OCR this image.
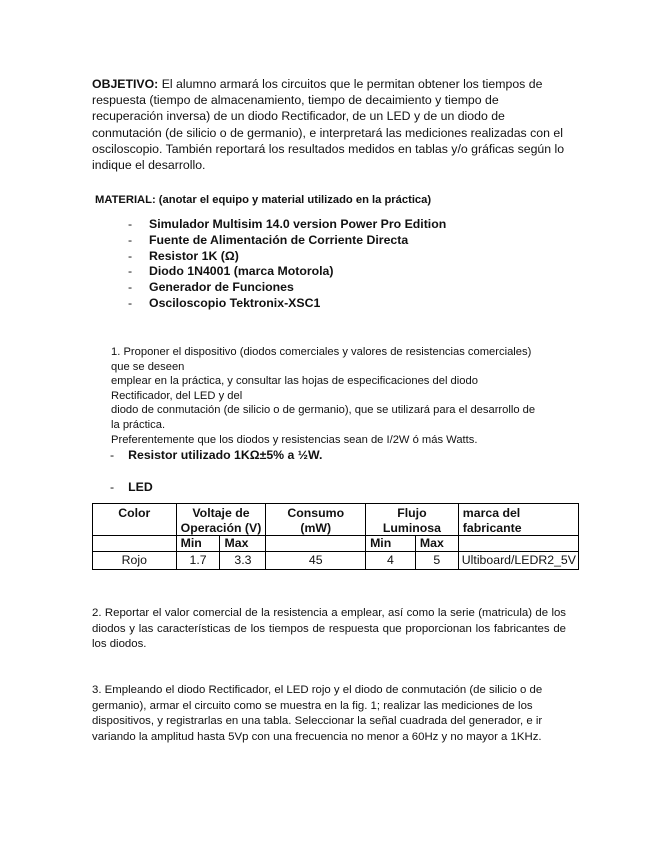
OBJETIVO: El alumno armará los circuitos que le permitan obtener los tiempos de respuesta (tiempo de almacenamiento, tiempo de decaimiento y tiempo de recuperación inversa) de un diodo Rectificador, de un LED y de un diodo de conmutación (de silicio o de germanio), e interpretará las mediciones realizadas con el osciloscopio. También reportará los resultados medidos en tablas y/o gráficas según lo indique el desarrollo.
MATERIAL: (anotar el equipo y material utilizado en la práctica)
- Simulador Multisim 14.0 version Power Pro Edition
- Fuente de Alimentación de Corriente Directa
- Resistor 1K (Ω)
- Diodo 1N4001 (marca Motorola)
- Generador de Funciones
- Osciloscopio Tektronix-XSC1
1. Proponer el dispositivo (diodos comerciales y valores de resistencias comerciales)
que se deseen
emplear en la práctica, y consultar las hojas de especificaciones del diodo
Rectificador, del LED y del
diodo de conmutación (de silicio o de germanio), que se utilizará para el desarrollo de
la práctica.
Preferentemente que los diodos y resistencias sean de I/2W ó más Watts.
- Resistor utilizado 1KΩ±5% a ½W.
- LED
Color	Voltaje de Operación (V)		Consumo (mW)	Flujo Luminosa		marca del fabricante
	Min	Max		Min	Max	
Rojo	1.7	3.3	45	4	5	Ultiboard/LEDR2_5V
2. Reportar el valor comercial de la resistencia a emplear, así como la serie (matricula) de los diodos y las características de los tiempos de respuesta que proporcionan los fabricantes de los diodos.
3. Empleando el diodo Rectificador, el LED rojo y el diodo de conmutación (de silicio o de germanio), armar el circuito como se muestra en la fig. 1; realizar las mediciones de los dispositivos, y registrarlas en una tabla. Seleccionar la señal cuadrada del generador, e ir variando la amplitud hasta 5Vp con una frecuencia no menor a 60Hz y no mayor a 1KHz.
